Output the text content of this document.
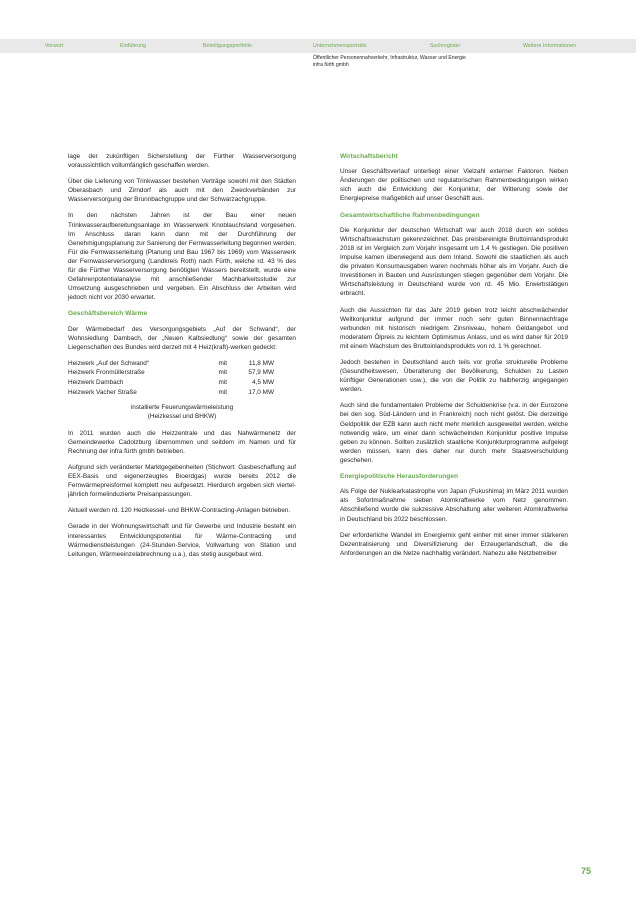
Vorwort	Einführung	Beteiligungsportfolio	Unternehmensporträts	Suchregister	Weitere Informationen
Öffentlicher Personennahverkehr, Infrastruktur, Wasser und Energie
infra fürth gmbh

lage der zukünftigen Sicherstellung der Fürther Wasserversorgung voraussichtlich vollumfänglich geschaffen werden.

Über die Lieferung von Trinkwasser bestehen Verträge sowohl mit den Städten Oberasbach und Zirndorf als auch mit den Zweckverbänden zur Wasserversorgung der Brunnbachgruppe und der Schwarzachgruppe.

In den nächsten Jahren ist der Bau einer neuen Trinkwasseraufbereitungsanlage im Wasserwerk Knoblauchsland vorgesehen. Im Anschluss daran kann dann mit der Durchführung der Genehmigungsplanung zur Sanierung der Fernwasserleitung begonnen werden. Für die Fernwasserleitung (Planung und Bau 1967 bis 1969) vom Wasserwerk der Fernwasserversorgung (Landkreis Roth) nach Fürth, welche rd. 43 % des für die Fürther Wasserversorgung benötigten Wassers bereitstellt, wurde eine Gefahrenpotentialanalyse mit anschließender Machbarkeitsstudie zur Umsetzung ausgeschrieben und vergeben. Ein Abschluss der Arbeiten wird jedoch nicht vor 2030 erwartet.

Geschäftsbereich Wärme

Der Wärmebedarf des Versorgungsgebiets „Auf der Schwand“, der Wohnsiedlung Dambach, der „Neuen Kalbsiedlung“ sowie der gesamten Liegenschaften des Bundes wird derzeit mit 4 Heiz(kraft)-werken gedeckt:

Heizwerk „Auf der Schwand“	mit	11,8 MW
Heizwerk Fronmüllerstraße	mit	57,9 MW
Heizwerk Dambach	mit	4,5 MW
Heizwerk Vacher Straße	mit	17,0 MW
installierte Feuerungswärmeleistung
(Heizkessel und BHKW)

In 2011 wurden auch die Heizzentrale und das Nahwärmenetz der Gemeindewerke Cadolzburg übernommen und seitdem im Namen und für Rechnung der infra fürth gmbh betrieben.

Aufgrund sich veränderter Marktgegebenheiten (Stichwort: Gasbeschaffung auf EEX-Basis und eigenerzeugtes Bioerdgas) wurde bereits 2012 die Fernwärmepreisformel komplett neu aufgesetzt. Hierdurch ergeben sich vierteljährlich formelinduzierte Preisanpassungen.

Aktuell werden rd. 120 Heizkessel- und BHKW-Contracting-Anlagen betrieben.

Gerade in der Wohnungswirtschaft und für Gewerbe und Industrie besteht ein interessantes Entwicklungspotential für Wärme-Contracting und Wärmedienstleistungen (24-Stunden-Service, Vollwartung von Station und Leitungen, Wärmeeinzelabrechnung u.a.), das stetig ausgebaut wird.

Wirtschaftsbericht

Unser Geschäftsverlauf unterliegt einer Vielzahl externer Faktoren. Neben Änderungen der politischen und regulatorischen Rahmenbedingungen wirken sich auch die Entwicklung der Konjunktur, der Witterung sowie der Energiepreise maßgeblich auf unser Geschäft aus.

Gesamtwirtschaftliche Rahmenbedingungen

Die Konjunktur der deutschen Wirtschaft war auch 2018 durch ein solides Wirtschaftswachstum gekennzeichnet. Das preisbereinigte Bruttoinlandsprodukt 2018 ist im Vergleich zum Vorjahr insgesamt um 1,4 % gestiegen. Die positiven Impulse kamen überwiegend aus dem Inland. Sowohl die staatlichen als auch die privaten Konsumausgaben waren nochmals höher als im Vorjahr. Auch die Investitionen in Bauten und Ausrüstungen stiegen gegenüber dem Vorjahr. Die Wirtschaftsleistung in Deutschland wurde von rd. 45 Mio. Erwerbstätigen erbracht.

Auch die Aussichten für das Jahr 2019 geben trotz leicht abschwächender Weltkonjunktur aufgrund der immer noch sehr guten Binnennachfrage verbunden mit historisch niedrigem Zinsniveau, hohem Geldangebot und moderatem Ölpreis zu leichtem Optimismus Anlass, und es wird daher für 2019 mit einem Wachstum des Bruttoinlandsprodukts von rd. 1 % gerechnet.

Jedoch bestehen in Deutschland auch teils vor große strukturelle Probleme (Gesundheitswesen, Überalterung der Bevölkerung, Schulden zu Lasten künftiger Generationen usw.), die von der Politik zu halbherzig angegangen werden.

Auch sind die fundamentalen Probleme der Schuldenkrise (v.a. in der Eurozone bei den sog. Süd-Ländern und in Frankreich) noch nicht gelöst. Die derzeitige Geldpolitik der EZB kann auch nicht mehr merklich ausgeweitet werden, welche notwendig wäre, um einer dann schwächelnden Konjunktur positive Impulse geben zu können. Sollten zusätzlich staatliche Konjunkturprogramme aufgelegt werden müssen, kann dies daher nur durch mehr Staatsverschuldung geschehen.

Energiepolitische Herausforderungen

Als Folge der Nuklearkatastrophe von Japan (Fukushima) im März 2011 wurden als Sofortmaßnahme sieben Atomkraftwerke vom Netz genommen. Abschließend wurde die sukzessive Abschaltung aller weiteren Atomkraftwerke in Deutschland bis 2022 beschlossen.

Der erforderliche Wandel im Energiemix geht einher mit einer immer stärkeren Dezentralisierung und Diversifizierung der Erzeugerlandschaft, die die Anforderungen an die Netze nachhaltig verändert. Nahezu alle Netzbetreiber

75
